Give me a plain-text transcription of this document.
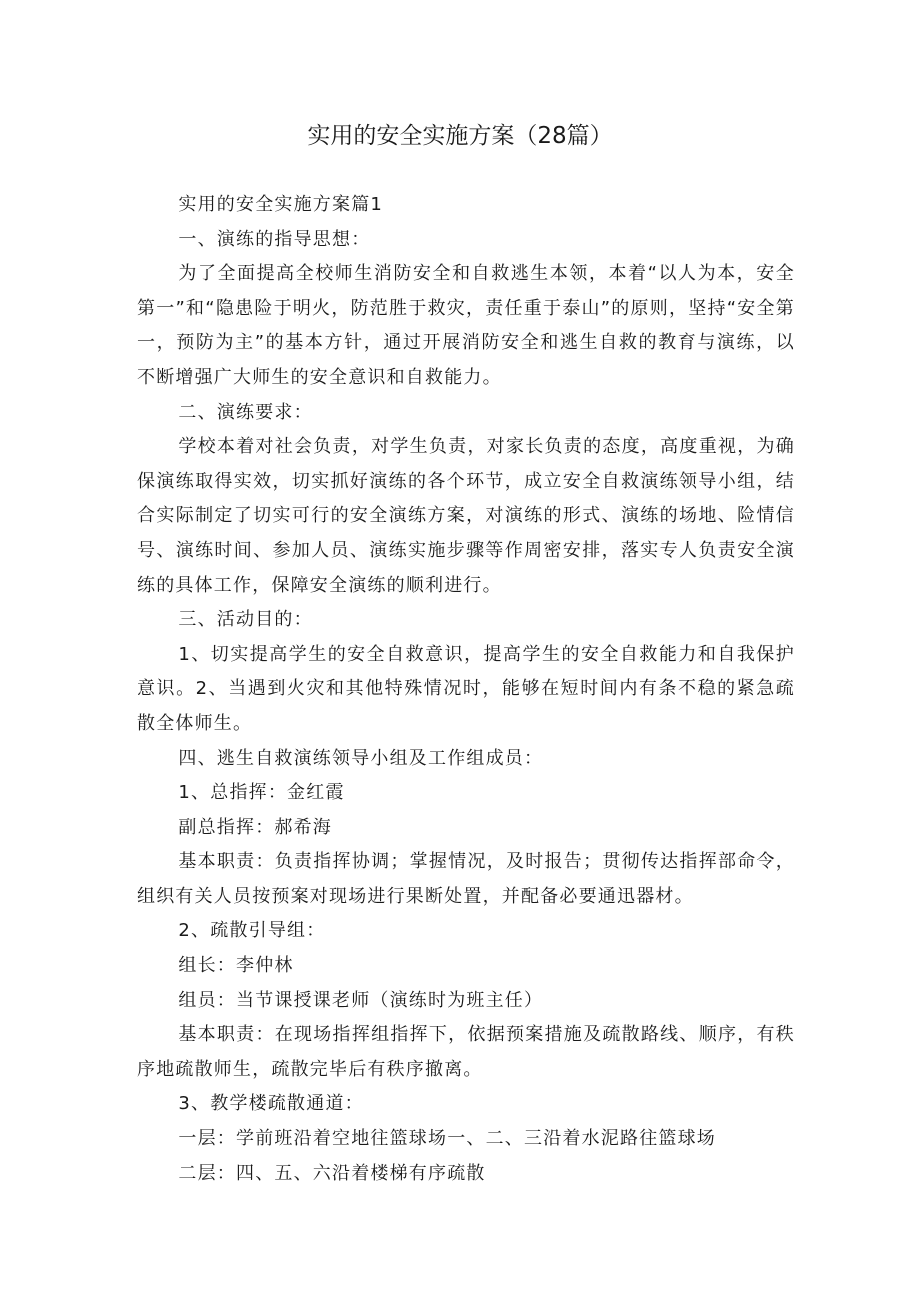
实用的安全实施方案（28篇）

实用的安全实施方案篇1

一、演练的指导思想：

为了全面提高全校师生消防安全和自救逃生本领，本着“以人为本，安全第一”和“隐患险于明火，防范胜于救灾，责任重于泰山”的原则，坚持“安全第一，预防为主”的基本方针，通过开展消防安全和逃生自救的教育与演练，以不断增强广大师生的安全意识和自救能力。

二、演练要求：

学校本着对社会负责，对学生负责，对家长负责的态度，高度重视，为确保演练取得实效，切实抓好演练的各个环节，成立安全自救演练领导小组，结合实际制定了切实可行的安全演练方案，对演练的形式、演练的场地、险情信号、演练时间、参加人员、演练实施步骤等作周密安排，落实专人负责安全演练的具体工作，保障安全演练的顺利进行。

三、活动目的：

1、切实提高学生的安全自救意识，提高学生的安全自救能力和自我保护意识。2、当遇到火灾和其他特殊情况时，能够在短时间内有条不稳的紧急疏散全体师生。

四、逃生自救演练领导小组及工作组成员：

1、总指挥：金红霞

副总指挥：郝希海

基本职责：负责指挥协调；掌握情况，及时报告；贯彻传达指挥部命令，组织有关人员按预案对现场进行果断处置，并配备必要通迅器材。

2、疏散引导组：

组长：李仲林

组员：当节课授课老师（演练时为班主任）

基本职责：在现场指挥组指挥下，依据预案措施及疏散路线、顺序，有秩序地疏散师生，疏散完毕后有秩序撤离。

3、教学楼疏散通道：

一层：学前班沿着空地往篮球场一、二、三沿着水泥路往篮球场

二层：四、五、六沿着楼梯有序疏散
